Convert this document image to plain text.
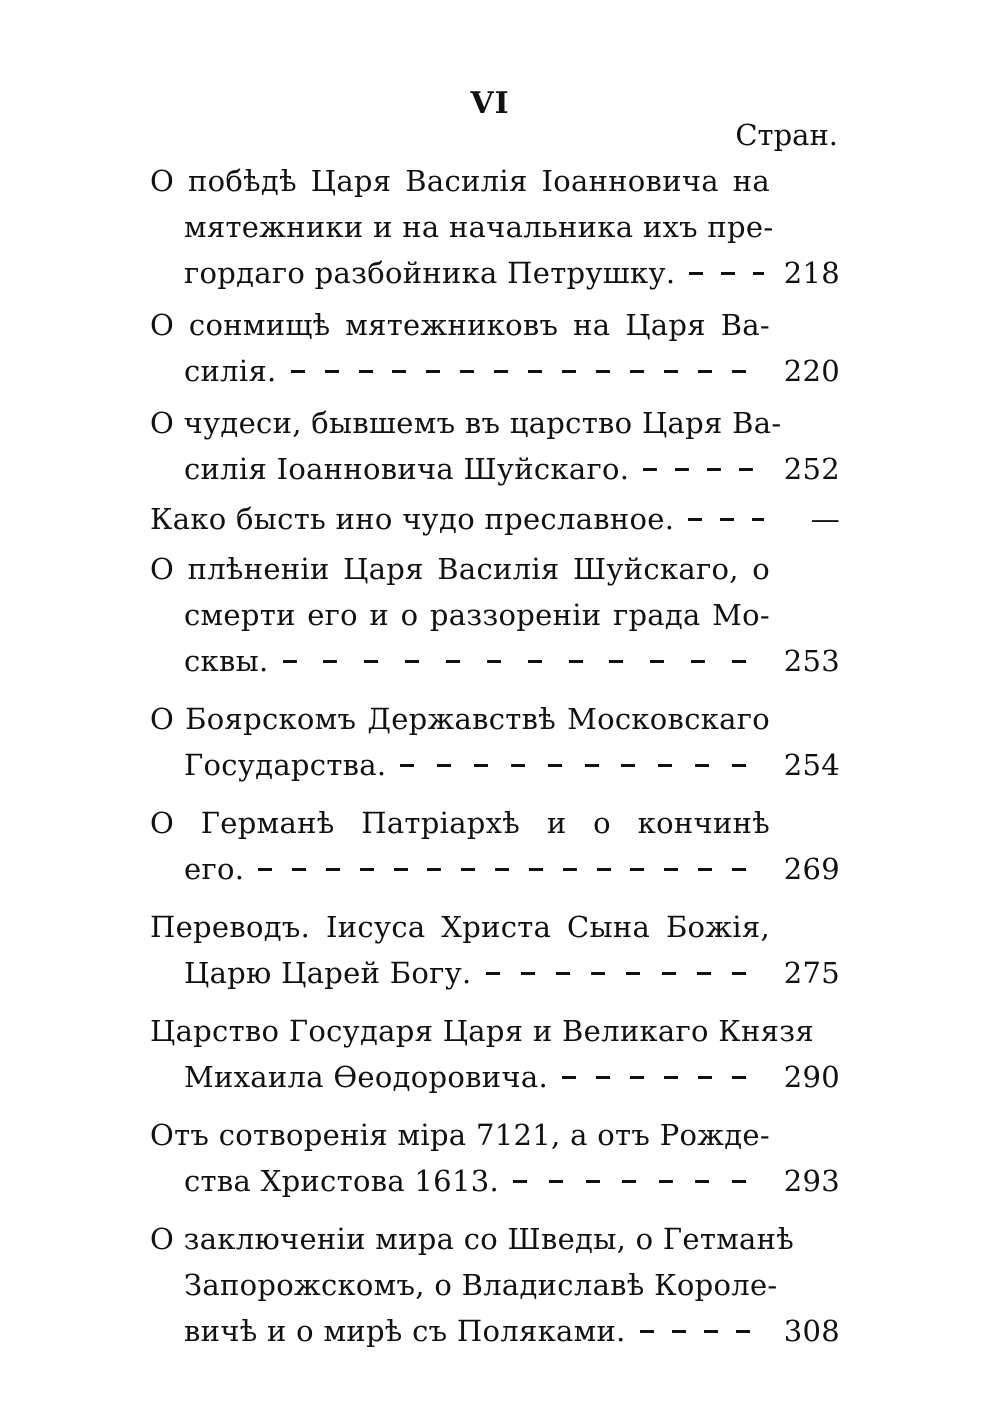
VI
Стран.
О побѣдѣ Царя Василія Іоанновича на
мятежники и на начальника ихъ пре-
гордаго разбойника Петрушку.	218
О сонмищѣ мятежниковъ на Царя Ва-
силія.	220
О чудеси, бывшемъ въ царство Царя Ва-
силія Іоанновича Шуйскаго.	252
Како бысть ино чудо преславное.	—
О плѣненіи Царя Василія Шуйскаго, о
смерти его и о раззореніи града Мо-
сквы.	253
О Боярскомъ Державствѣ Московскаго
Государства.	254
О Германѣ Патріархѣ и о кончинѣ
его.	269
Переводъ. Іисуса Христа Сына Божія,
Царю Царей Богу.	275
Царство Государя Царя и Великаго Князя
Михаила Ѳеодоровича.	290
Отъ сотворенія міра 7121, а отъ Рожде-
ства Христова 1613.	293
О заключеніи мира со Шведы, о Гетманѣ
Запорожскомъ, о Владиславѣ Короле-
вичѣ и о мирѣ съ Поляками.	308
